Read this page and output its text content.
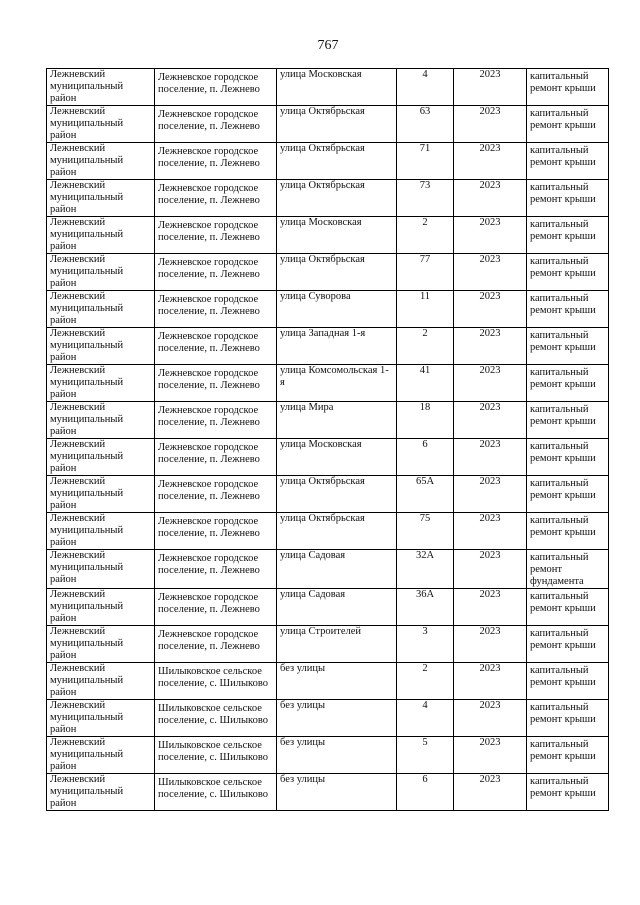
767
Лежневский муниципальный район	Лежневское городское поселение, п. Лежнево	улица Московская	4	2023	капитальный ремонт крыши

Лежневский муниципальный район	Лежневское городское поселение, п. Лежнево	улица Октябрьская	63	2023	капитальный ремонт крыши

Лежневский муниципальный район	Лежневское городское поселение, п. Лежнево	улица Октябрьская	71	2023	капитальный ремонт крыши

Лежневский муниципальный район	Лежневское городское поселение, п. Лежнево	улица Октябрьская	73	2023	капитальный ремонт крыши

Лежневский муниципальный район	Лежневское городское поселение, п. Лежнево	улица Московская	2	2023	капитальный ремонт крыши

Лежневский муниципальный район	Лежневское городское поселение, п. Лежнево	улица Октябрьская	77	2023	капитальный ремонт крыши

Лежневский муниципальный район	Лежневское городское поселение, п. Лежнево	улица Суворова	11	2023	капитальный ремонт крыши

Лежневский муниципальный район	Лежневское городское поселение, п. Лежнево	улица Западная 1-я	2	2023	капитальный ремонт крыши

Лежневский муниципальный район	Лежневское городское поселение, п. Лежнево	улица Комсомольская 1-я	41	2023	капитальный ремонт крыши

Лежневский муниципальный район	Лежневское городское поселение, п. Лежнево	улица Мира	18	2023	капитальный ремонт крыши

Лежневский муниципальный район	Лежневское городское поселение, п. Лежнево	улица Московская	6	2023	капитальный ремонт крыши

Лежневский муниципальный район	Лежневское городское поселение, п. Лежнево	улица Октябрьская	65А	2023	капитальный ремонт крыши

Лежневский муниципальный район	Лежневское городское поселение, п. Лежнево	улица Октябрьская	75	2023	капитальный ремонт крыши

Лежневский муниципальный район	Лежневское городское поселение, п. Лежнево	улица Садовая	32А	2023	капитальный ремонт фундамента

Лежневский муниципальный район	Лежневское городское поселение, п. Лежнево	улица Садовая	36А	2023	капитальный ремонт крыши

Лежневский муниципальный район	Лежневское городское поселение, п. Лежнево	улица Строителей	3	2023	капитальный ремонт крыши

Лежневский муниципальный район	Шилыковское сельское поселение, с. Шилыково	без улицы	2	2023	капитальный ремонт крыши

Лежневский муниципальный район	Шилыковское сельское поселение, с. Шилыково	без улицы	4	2023	капитальный ремонт крыши

Лежневский муниципальный район	Шилыковское сельское поселение, с. Шилыково	без улицы	5	2023	капитальный ремонт крыши

Лежневский муниципальный район	Шилыковское сельское поселение, с. Шилыково	без улицы	6	2023	капитальный ремонт крыши
